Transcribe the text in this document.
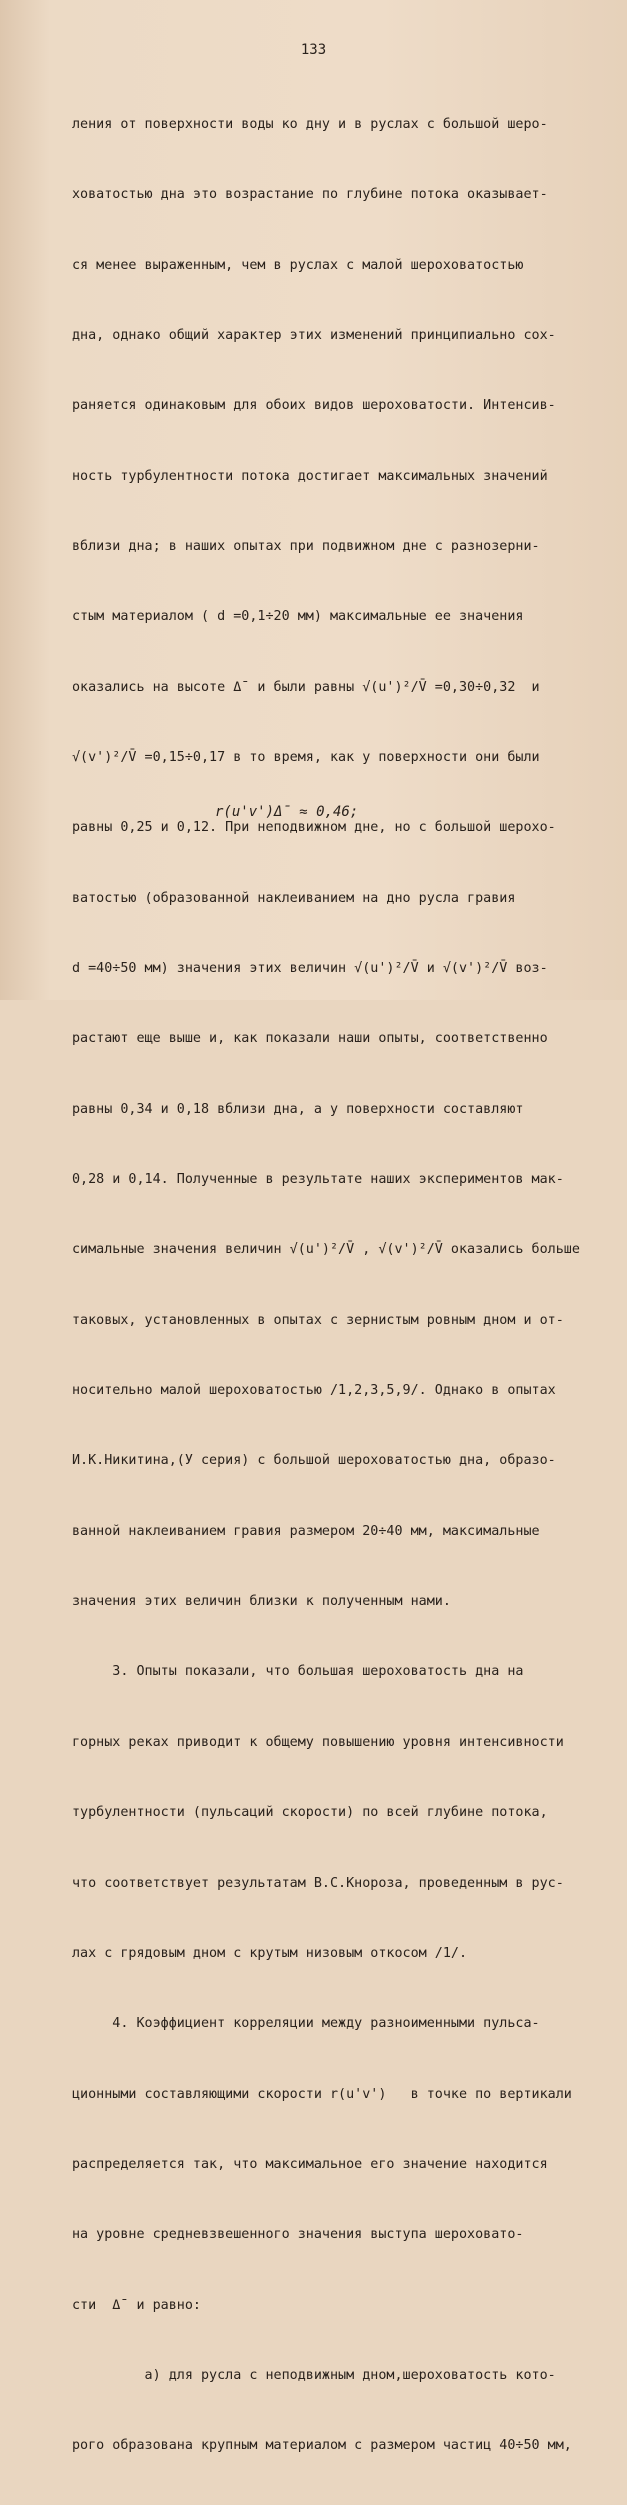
133

ления от поверхности воды ко дну и в руслах с большой шеро-

ховатостью дна это возрастание по глубине потока оказывает-

ся менее выраженным, чем в руслах с малой шероховатостью

дна, однако общий характер этих изменений принципиально сох-

раняется одинаковым для обоих видов шероховатости. Интенсив-

ность турбулентности потока достигает максимальных значений

вблизи дна; в наших опытах при подвижном дне с разнозерни-

стым материалом ( d =0,1÷20 мм) максимальные ее значения

оказались на высоте Δ̄  и были равны √(u')²/V̄ =0,30÷0,32  и

√(v')²/V̄ =0,15÷0,17 в то время, как у поверхности они были

равны 0,25 и 0,12. При неподвижном дне, но с большой шерохо-

ватостью (образованной наклеиванием на дно русла гравия

d =40÷50 мм) значения этих величин √(u')²/V̄ и √(v')²/V̄ воз-

растают еще выше и, как показали наши опыты, соответственно

равны 0,34 и 0,18 вблизи дна, а у поверхности составляют

0,28 и 0,14. Полученные в результате наших экспериментов мак-

симальные значения величин √(u')²/V̄ , √(v')²/V̄ оказались больше

таковых, установленных в опытах с зернистым ровным дном и от-

носительно малой шероховатостью /1,2,3,5,9/. Однако в опытах

И.К.Никитина,(У серия) с большой шероховатостью дна, образо-

ванной наклеиванием гравия размером 20÷40 мм, максимальные

значения этих величин близки к полученным нами.

3. Опыты показали, что большая шероховатость дна на

горных реках приводит к общему повышению уровня интенсивности

турбулентности (пульсаций скорости) по всей глубине потока,

что соответствует результатам В.С.Кнороза, проведенным в рус-

лах с грядовым дном с крутым низовым откосом /1/.

4. Коэффициент корреляции между разноименными пульса-

ционными составляющими скорости r(u'v')   в точке по вертикали

распределяется так, что максимальное его значение находится

на уровне средневзвешенного значения выступа шероховато-

сти  Δ̄  и равно:

а) для русла с неподвижным дном,шероховатость кото-

рого образована крупным материалом с размером частиц 40÷50 мм,

r(u'v')Δ̄ ≈ 0,46;
